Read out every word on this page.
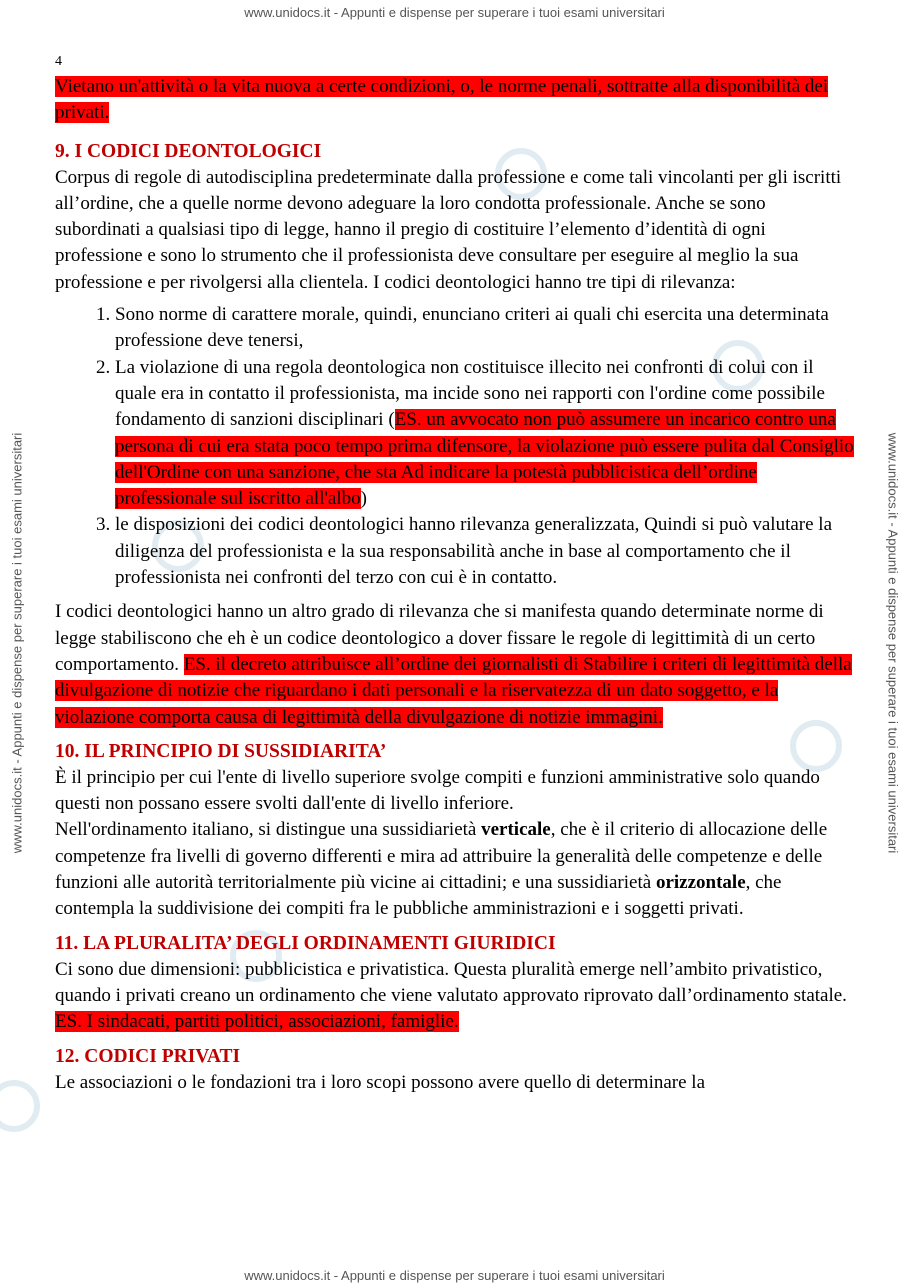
www.unidocs.it - Appunti e dispense per superare i tuoi esami universitari
www.unidocs.it - Appunti e dispense per superare i tuoi esami universitari	www.unidocs.it - Appunti e dispense per superare i tuoi esami universitari
4

Vietano un'attività o la vita nuova a certe condizioni, o, le norme penali, sottratte alla disponibilità dei privati.

9. I CODICI DEONTOLOGICI

Corpus di regole di autodisciplina predeterminate dalla professione e come tali vincolanti per gli iscritti all’ordine, che a quelle norme devono adeguare la loro condotta professionale. Anche se sono subordinati a qualsiasi tipo di legge, hanno il pregio di costituire l’elemento d’identità di ogni professione e sono lo strumento che il professionista deve consultare per eseguire al meglio la sua professione e per rivolgersi alla clientela. I codici deontologici hanno tre tipi di rilevanza:

1. Sono norme di carattere morale, quindi, enunciano criteri ai quali chi esercita una determinata professione deve tenersi,
2. La violazione di una regola deontologica non costituisce illecito nei confronti di colui con il quale era in contatto il professionista, ma incide sono nei rapporti con l'ordine come possibile fondamento di sanzioni disciplinari (ES. un avvocato non può assumere un incarico contro una persona di cui era stata poco tempo prima difensore, la violazione può essere pulita dal Consiglio dell'Ordine con una sanzione, che sta Ad indicare la potestà pubblicistica dell’ordine professionale sul iscritto all'albo)
3. le disposizioni dei codici deontologici hanno rilevanza generalizzata, Quindi si può valutare la diligenza del professionista e la sua responsabilità anche in base al comportamento che il professionista nei confronti del terzo con cui è in contatto.

I codici deontologici hanno un altro grado di rilevanza che si manifesta quando determinate norme di legge stabiliscono che eh è un codice deontologico a dover fissare le regole di legittimità di un certo comportamento. ES. il decreto attribuisce all’ordine dei giornalisti di Stabilire i criteri di legittimità della divulgazione di notizie che riguardano i dati personali e la riservatezza di un dato soggetto, e la violazione comporta causa di legittimità della divulgazione di notizie immagini.

10. IL PRINCIPIO DI SUSSIDIARITA’

È il principio per cui l'ente di livello superiore svolge compiti e funzioni amministrative solo quando questi non possano essere svolti dall'ente di livello inferiore.

Nell'ordinamento italiano, si distingue una sussidiarietà verticale, che è il criterio di allocazione delle competenze fra livelli di governo differenti e mira ad attribuire la generalità delle competenze e delle funzioni alle autorità territorialmente più vicine ai cittadini; e una sussidiarietà orizzontale, che contempla la suddivisione dei compiti fra le pubbliche amministrazioni e i soggetti privati.

11. LA PLURALITA’ DEGLI ORDINAMENTI GIURIDICI

Ci sono due dimensioni: pubblicistica e privatistica. Questa pluralità emerge nell’ambito privatistico, quando i privati creano un ordinamento che viene valutato approvato riprovato dall’ordinamento statale. ES. I sindacati, partiti politici, associazioni, famiglie.

12. CODICI PRIVATI

Le associazioni o le fondazioni tra i loro scopi possono avere quello di determinare la

www.unidocs.it - Appunti e dispense per superare i tuoi esami universitari
